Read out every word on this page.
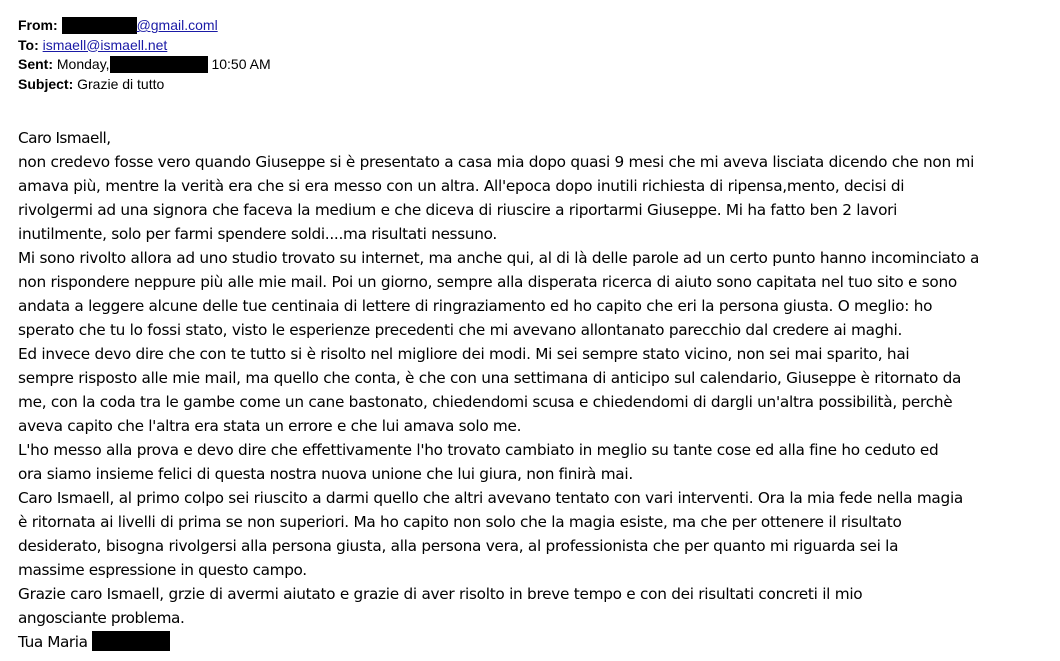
From:	@gmail.coml
To: ismaell@ismaell.net
Sent: Monday,	10:50 AM
Subject: Grazie di tutto
Caro Ismaell,
non credevo fosse vero quando Giuseppe si è presentato a casa mia dopo quasi 9 mesi che mi aveva lisciata dicendo che non mi
amava più, mentre la verità era che si era messo con un altra. All'epoca dopo inutili richiesta di ripensa,mento, decisi di
rivolgermi ad una signora che faceva la medium e che diceva di riuscire a riportarmi Giuseppe. Mi ha fatto ben 2 lavori
inutilmente, solo per farmi spendere soldi....ma risultati nessuno.
Mi sono rivolto allora ad uno studio trovato su internet, ma anche qui, al di là delle parole ad un certo punto hanno incominciato a
non rispondere neppure più alle mie mail. Poi un giorno, sempre alla disperata ricerca di aiuto sono capitata nel tuo sito e sono
andata a leggere alcune delle tue centinaia di lettere di ringraziamento ed ho capito che eri la persona giusta. O meglio: ho
sperato che tu lo fossi stato, visto le esperienze precedenti che mi avevano allontanato parecchio dal credere ai maghi.
Ed invece devo dire che con te tutto si è risolto nel migliore dei modi. Mi sei sempre stato vicino, non sei mai sparito, hai
sempre risposto alle mie mail, ma quello che conta, è che con una settimana di anticipo sul calendario, Giuseppe è ritornato da
me, con la coda tra le gambe come un cane bastonato, chiedendomi scusa e chiedendomi di dargli un'altra possibilità, perchè
aveva capito che l'altra era stata un errore e che lui amava solo me.
L'ho messo alla prova e devo dire che effettivamente l'ho trovato cambiato in meglio su tante cose ed alla fine ho ceduto ed
ora siamo insieme felici di questa nostra nuova unione che lui giura, non finirà mai.
Caro Ismaell, al primo colpo sei riuscito a darmi quello che altri avevano tentato con vari interventi. Ora la mia fede nella magia
è ritornata ai livelli di prima se non superiori. Ma ho capito non solo che la magia esiste, ma che per ottenere il risultato
desiderato, bisogna rivolgersi alla persona giusta, alla persona vera, al professionista che per quanto mi riguarda sei la
massime espressione in questo campo.
Grazie caro Ismaell, grzie di avermi aiutato e grazie di aver risolto in breve tempo e con dei risultati concreti il mio
angosciante problema.
Tua Maria
